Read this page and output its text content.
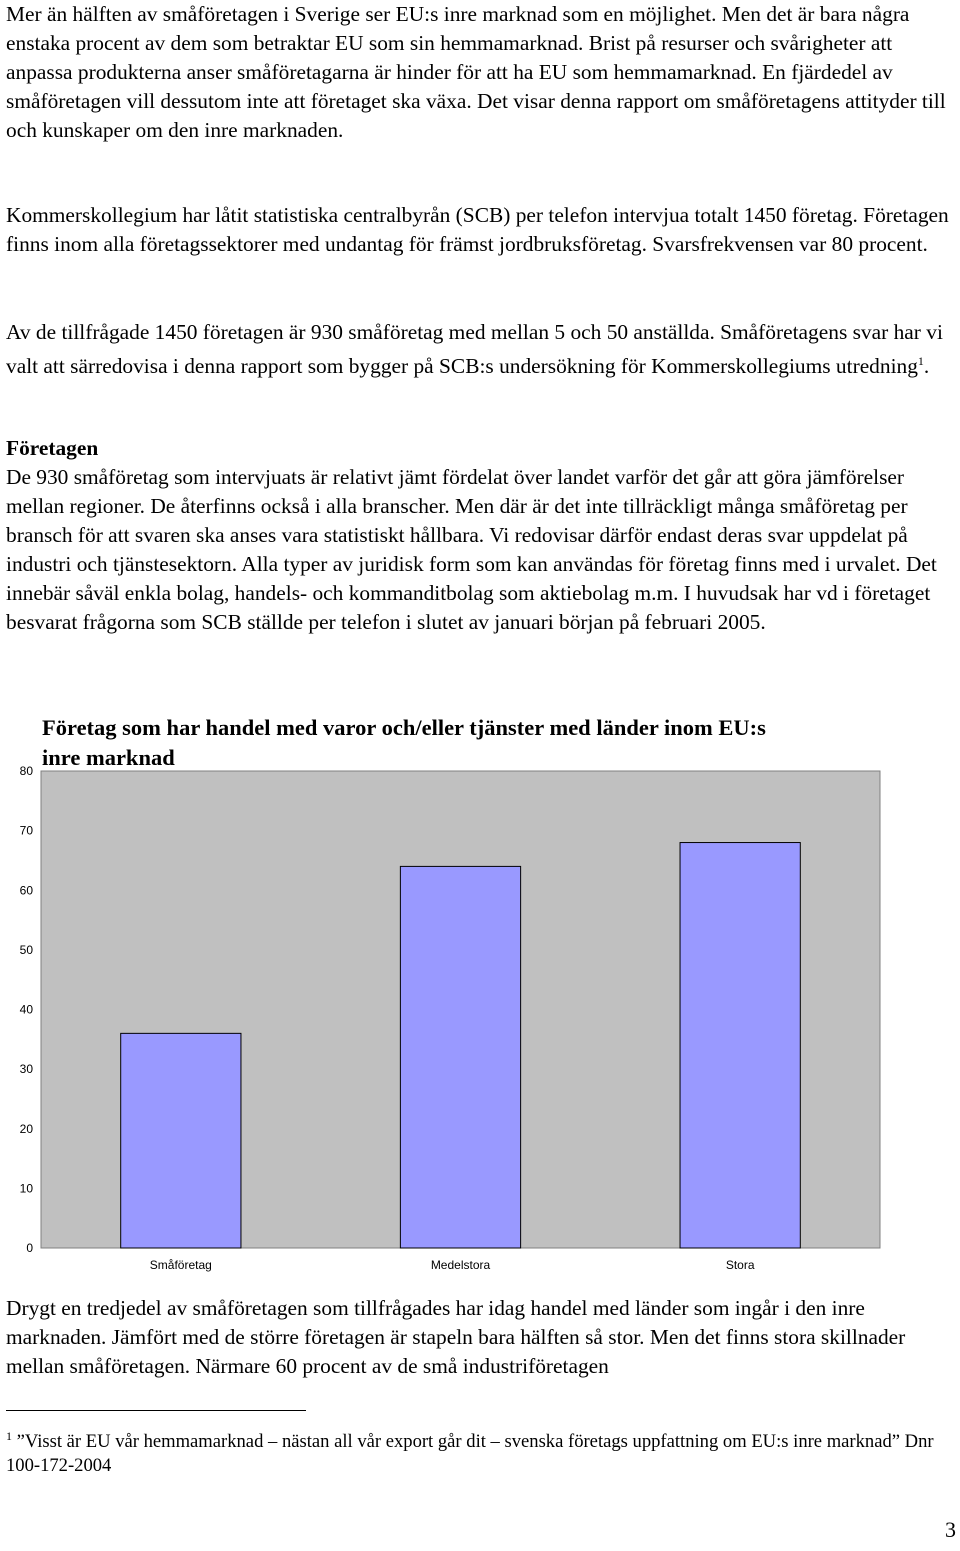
Mer än hälften av småföretagen i Sverige ser EU:s inre marknad som en möjlighet. Men det är bara några enstaka procent av dem som betraktar EU som sin hemmamarknad. Brist på resurser och svårigheter att anpassa produkterna anser småföretagarna är hinder för att ha EU som hemmamarknad. En fjärdedel av småföretagen vill dessutom inte att företaget ska växa. Det visar denna rapport om småföretagens attityder till och kunskaper om den inre marknaden.

Kommerskollegium har låtit statistiska centralbyrån (SCB) per telefon intervjua totalt 1450 företag. Företagen finns inom alla företagssektorer med undantag för främst jordbruksföretag. Svarsfrekvensen var 80 procent.

Av de tillfrågade 1450 företagen är 930 småföretag med mellan 5 och 50 anställda. Småföretagens svar har vi valt att särredovisa i denna rapport som bygger på SCB:s undersökning för Kommerskollegiums utredning$^1$.

Företagen

De 930 småföretag som intervjuats är relativt jämt fördelat över landet varför det går att göra jämförelser mellan regioner. De återfinns också i alla branscher. Men där är det inte tillräckligt många småföretag per bransch för att svaren ska anses vara statistiskt hållbara. Vi redovisar därför endast deras svar uppdelat på industri och tjänstesektorn. Alla typer av juridisk form som kan användas för företag finns med i urvalet. Det innebär såväl enkla bolag, handels- och kommanditbolag som aktiebolag m.m. I huvudsak har vd i företaget besvarat frågorna som SCB ställde per telefon i slutet av januari början på februari 2005.

Företag som har handel med varor och/eller tjänster med länder inom EU:s inre marknad
0
10
20
30
40
50
60
70
80
Småföretag	Medelstora	Stora

Drygt en tredjedel av småföretagen som tillfrågades har idag handel med länder som ingår i den inre marknaden. Jämfört med de större företagen är stapeln bara hälften så stor. Men det finns stora skillnader mellan småföretagen. Närmare 60 procent av de små industriföretagen

$^1$ ”Visst är EU vår hemmamarknad – nästan all vår export går dit – svenska företags uppfattning om EU:s inre marknad” Dnr 100-172-2004
3
